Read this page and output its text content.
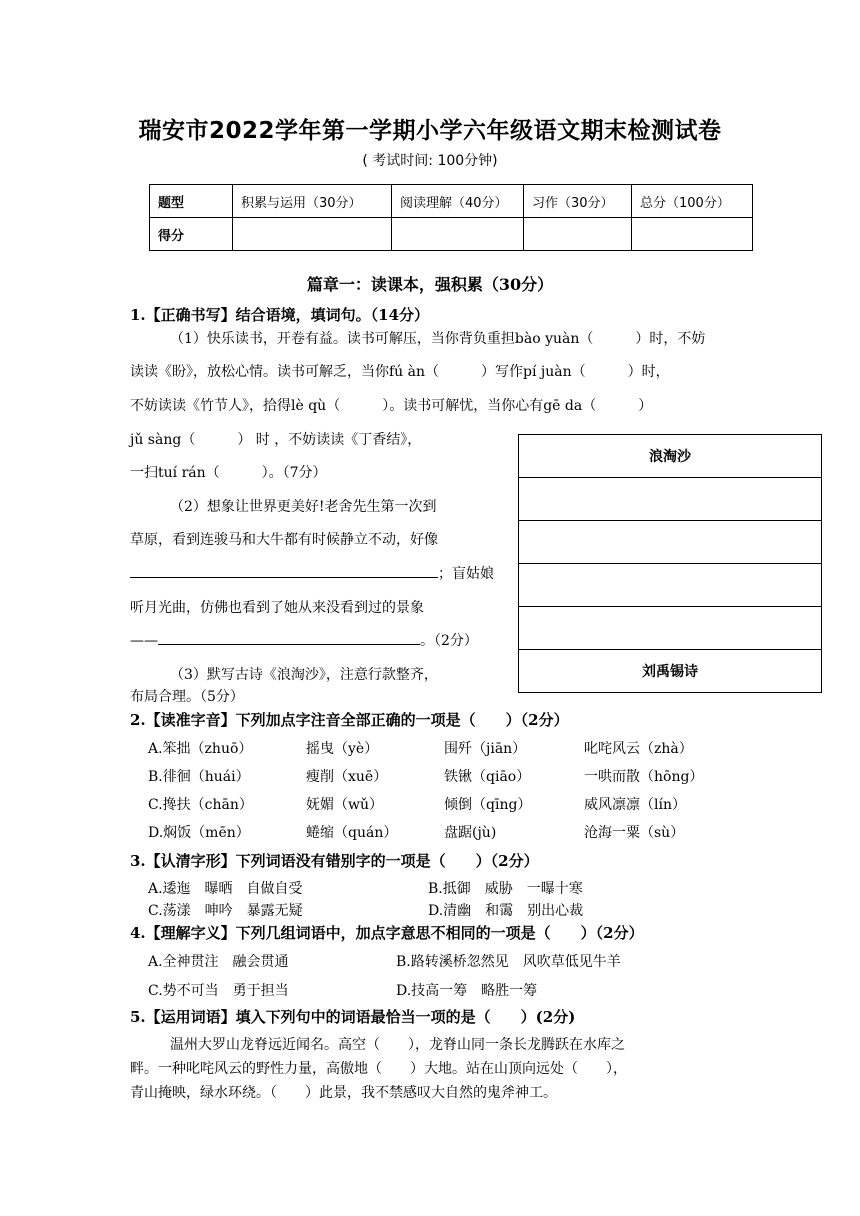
瑞安市2022学年第一学期小学六年级语文期末检测试卷
( 考试时间: 100分钟)
题型	积累与运用（30分）	阅读理解（40分）	习作（30分）	总分（100分）
得分				
篇章一：读课本，强积累（30分）
1.【正确书写】结合语境，填词句。（14分）
（1）快乐读书，开卷有益。读书可解压，当你背负重担bào yuàn（　　　）时，不妨
读读《盼》，放松心情。读书可解乏，当你fú àn（　　　）写作pí juàn（　　　）时，
不妨读读《竹节人》，拾得lè qù（　　　）。读书可解忧，当你心有gē da（　　　）
jǔ sàng（　　　） 时 ，不妨读读《丁香结》，
一扫tuí rán（　　　）。（7分）
（2）想象让世界更美好!老舍先生第一次到
草原，看到连骏马和大牛都有时候静立不动，好像
；盲姑娘
听月光曲，仿佛也看到了她从来没看到过的景象
——	。（2分）
（3）默写古诗《浪淘沙》，注意行款整齐，
布局合理。（5分）
浪淘沙

刘禹锡诗
2.【读准字音】下列加点字注音全部正确的一项是（　　）（2分）
A.笨拙（zhuō）	摇曳（yè）	围歼（jiān）	叱咤风云（zhà）
B.徘徊（huái）	瘦削（xuē）	铁锹（qiāo）	一哄而散（hōng）
C.搀扶（chān）	妩媚（wǔ）	倾倒（qīng）	威风凛凛（lín）
D.焖饭（mēn）	蜷缩（quán）	盘踞(jù)	沧海一粟（sù）
3.【认清字形】下列词语没有错别字的一项是（　　）（2分）
A.逶迤　曝晒　自做自受	B.抵御　威胁　一曝十寒
C.荡漾　呻吟　暴露无疑	D.清幽　和霭　别出心裁
4.【理解字义】下列几组词语中，加点字意思不相同的一项是（　　）（2分）
A.全神贯注　融会贯通	B.路转溪桥忽然见　风吹草低见牛羊
C.势不可当　勇于担当	D.技高一筹　略胜一筹
5.【运用词语】填入下列句中的词语最恰当一项的是（　　）(2分)
温州大罗山龙脊远近闻名。高空（　　），龙脊山同一条长龙腾跃在水库之
畔。一种叱咤风云的野性力量，高傲地（　　）大地。站在山顶向远处（　　），
青山掩映，绿水环绕。（　　）此景，我不禁感叹大自然的鬼斧神工。
